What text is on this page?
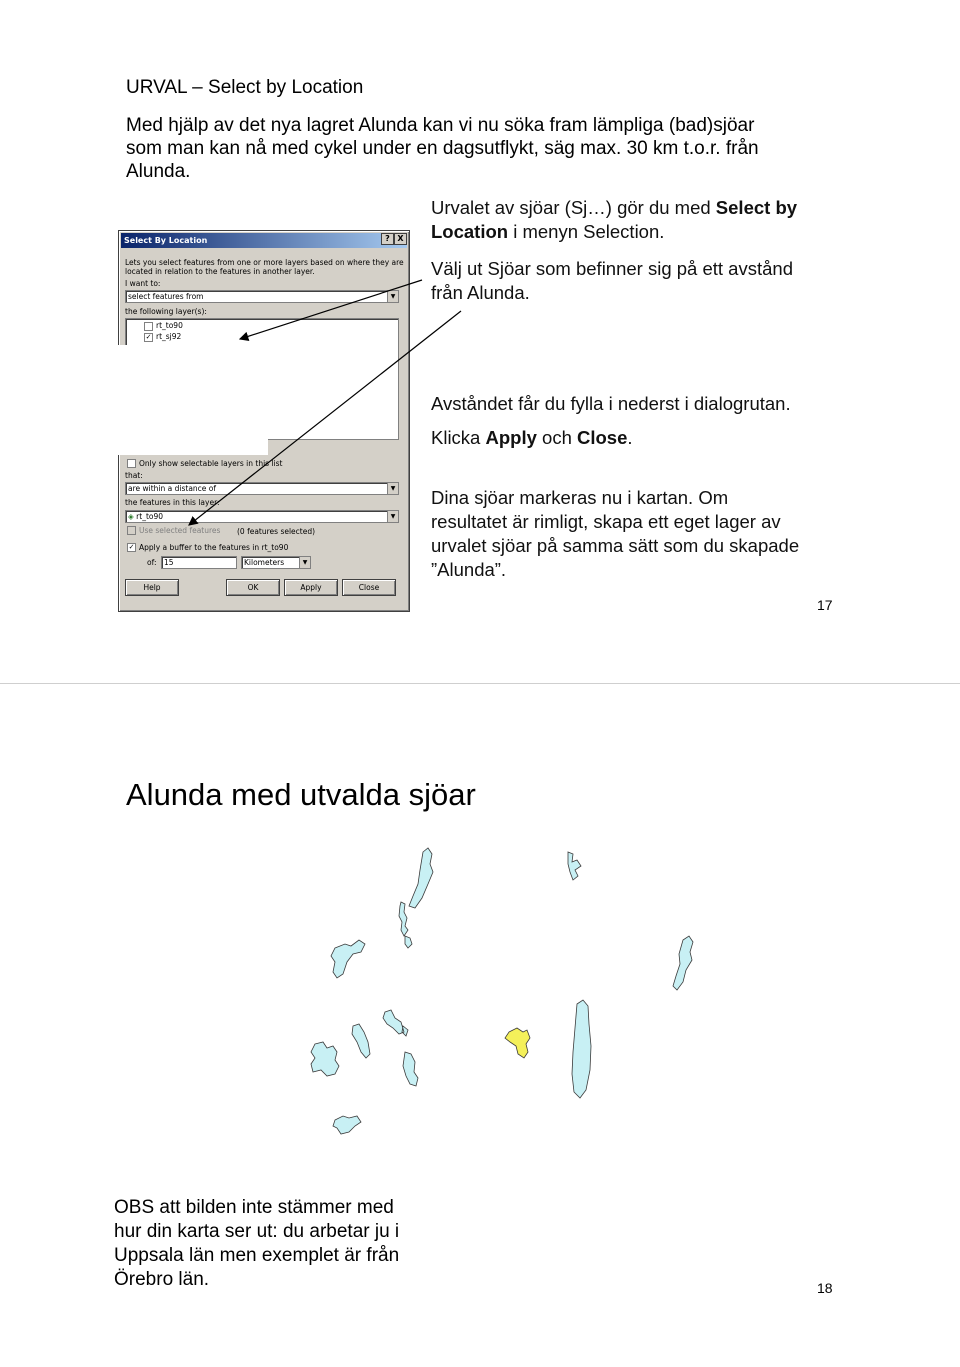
URVAL – Select by Location
Med hjälp av det nya lagret Alunda kan vi nu söka fram lämpliga (bad)sjöar
som man kan nå med cykel under en dagsutflykt, säg max. 30 km t.o.r. från
Alunda.
Urvalet av sjöar (Sj…) gör du med Select by
Location i menyn Selection.
Välj ut Sjöar som befinner sig på ett avstånd
från Alunda.
Avståndet får du fylla i nederst i dialogrutan.
Klicka Apply och Close.
Dina sjöar markeras nu i kartan. Om
resultatet är rimligt, skapa ett eget lager av
urvalet sjöar på samma sätt som du skapade
”Alunda”.
17
Select By Location	? X
Lets you select features from one or more layers based on where they are
located in relation to the features in another layer.
I want to:
select features from	▼
the following layer(s):
rt_to90
✓ rt_sj92
Only show selectable layers in this list
that:
are within a distance of	▼
the features in this layer:
◈ rt_to90	▼
Use selected features (0 features selected)
✓ Apply a buffer to the features in rt_to90
of:	15	Kilometers	▼
Help	OK	Apply	Close
Alunda med utvalda sjöar
OBS att bilden inte stämmer med
hur din karta ser ut: du arbetar ju i
Uppsala län men exemplet är från
Örebro län.	18
